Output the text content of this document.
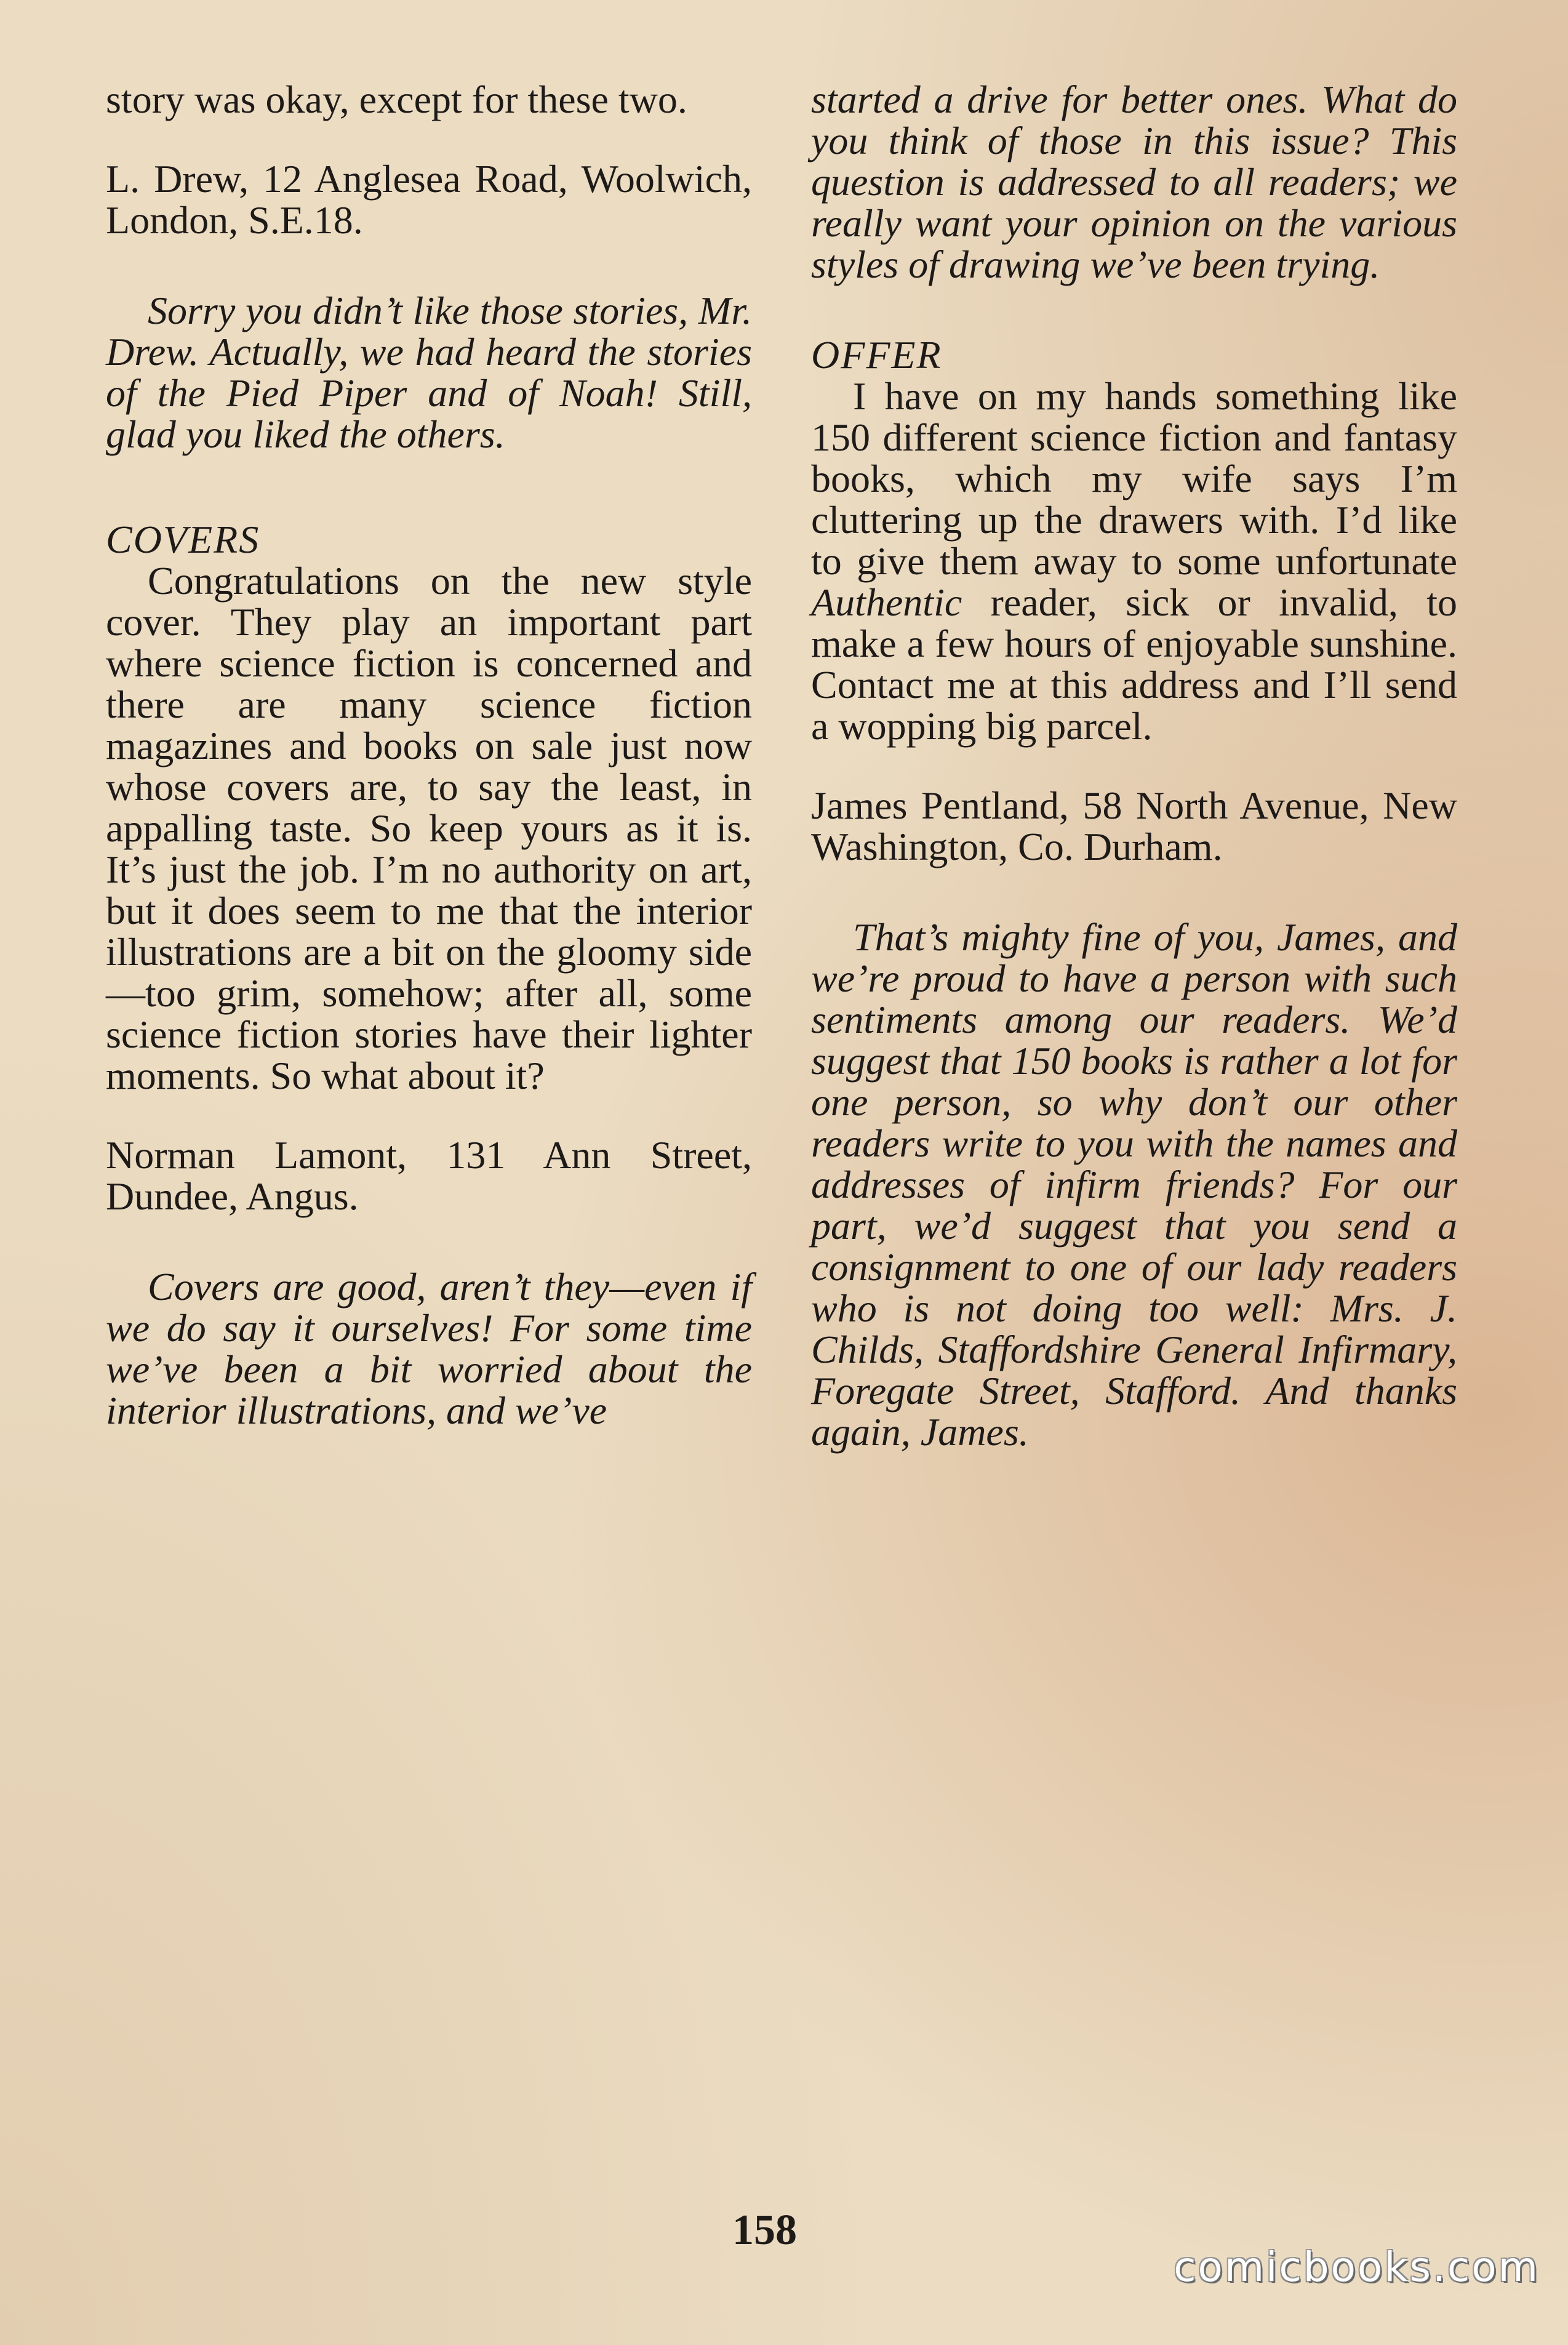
story was okay, except for these two.

L. Drew, 12 Anglesea Road, Woolwich, London, S.E.18.

Sorry you didn’t like those stories, Mr. Drew. Actually, we had heard the stories of the Pied Piper and of Noah! Still, glad you liked the others.

COVERS

Congratulations on the new style cover. They play an important part where science fiction is concerned and there are many science fiction magazines and books on sale just now whose covers are, to say the least, in appalling taste. So keep yours as it is. It’s just the job. I’m no authority on art, but it does seem to me that the interior illustrations are a bit on the gloomy side—too grim, somehow; after all, some science fiction stories have their lighter moments. So what about it?

Norman Lamont, 131 Ann Street, Dundee, Angus.

Covers are good, aren’t they—even if we do say it ourselves! For some time we’ve been a bit worried about the interior illustrations, and we’ve

started a drive for better ones. What do you think of those in this issue? This question is addressed to all readers; we really want your opinion on the various styles of drawing we’ve been trying.

OFFER

I have on my hands something like 150 different science fiction and fantasy books, which my wife says I’m cluttering up the drawers with. I’d like to give them away to some unfortunate Authentic reader, sick or invalid, to make a few hours of enjoyable sunshine. Contact me at this address and I’ll send a wopping big parcel.

James Pentland, 58 North Avenue, New Washington, Co. Durham.

That’s mighty fine of you, James, and we’re proud to have a person with such sentiments among our readers. We’d suggest that 150 books is rather a lot for one person, so why don’t our other readers write to you with the names and addresses of infirm friends? For our part, we’d suggest that you send a consignment to one of our lady readers who is not doing too well: Mrs. J. Childs, Staffordshire General Infirmary, Foregate Street, Stafford. And thanks again, James.

158

comicbooks.com
